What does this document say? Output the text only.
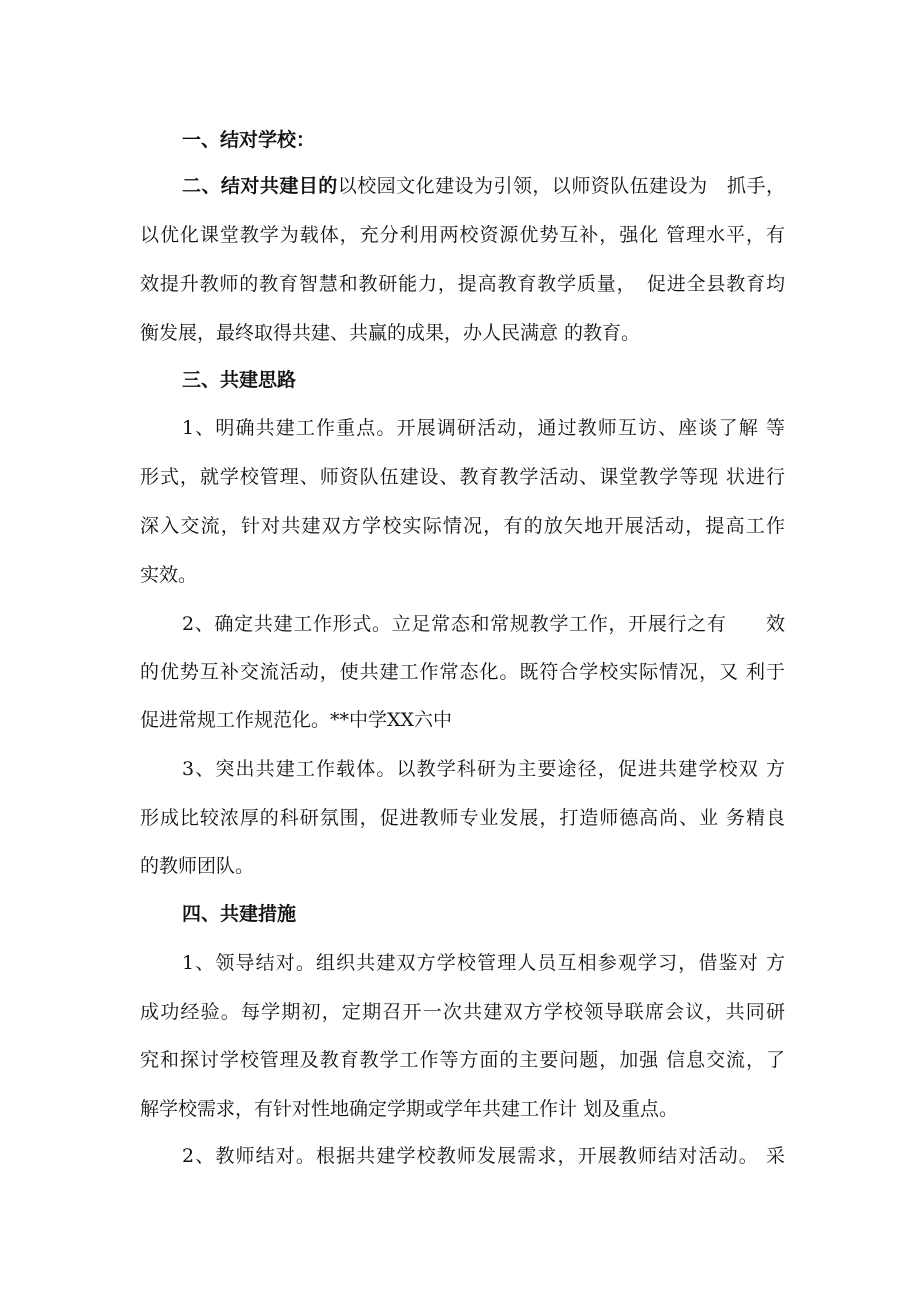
一、结对学校：
二、结对共建目的以校园文化建设为引领，以师资队伍建设为　抓手，
以优化课堂教学为载体，充分利用两校资源优势互补，强化 管理水平，有
效提升教师的教育智慧和教研能力，提高教育教学质量，　促进全县教育均
衡发展，最终取得共建、共赢的成果，办人民满意 的教育。
三、共建思路
1、明确共建工作重点。开展调研活动，通过教师互访、座谈了解 等
形式，就学校管理、师资队伍建设、教育教学活动、课堂教学等现 状进行
深入交流，针对共建双方学校实际情况，有的放矢地开展活动，提高工作
实效。
2、确定共建工作形式。立足常态和常规教学工作，开展行之有　　效
的优势互补交流活动，使共建工作常态化。既符合学校实际情况，又 利于
促进常规工作规范化。**中学XX六中
3、突出共建工作载体。以教学科研为主要途径，促进共建学校双 方
形成比较浓厚的科研氛围，促进教师专业发展，打造师德高尚、业 务精良
的教师团队。
四、共建措施
1、领导结对。组织共建双方学校管理人员互相参观学习，借鉴对 方
成功经验。每学期初，定期召开一次共建双方学校领导联席会议，共同研
究和探讨学校管理及教育教学工作等方面的主要问题，加强 信息交流，了
解学校需求，有针对性地确定学期或学年共建工作计 划及重点。
2、教师结对。根据共建学校教师发展需求，开展教师结对活动。 采
